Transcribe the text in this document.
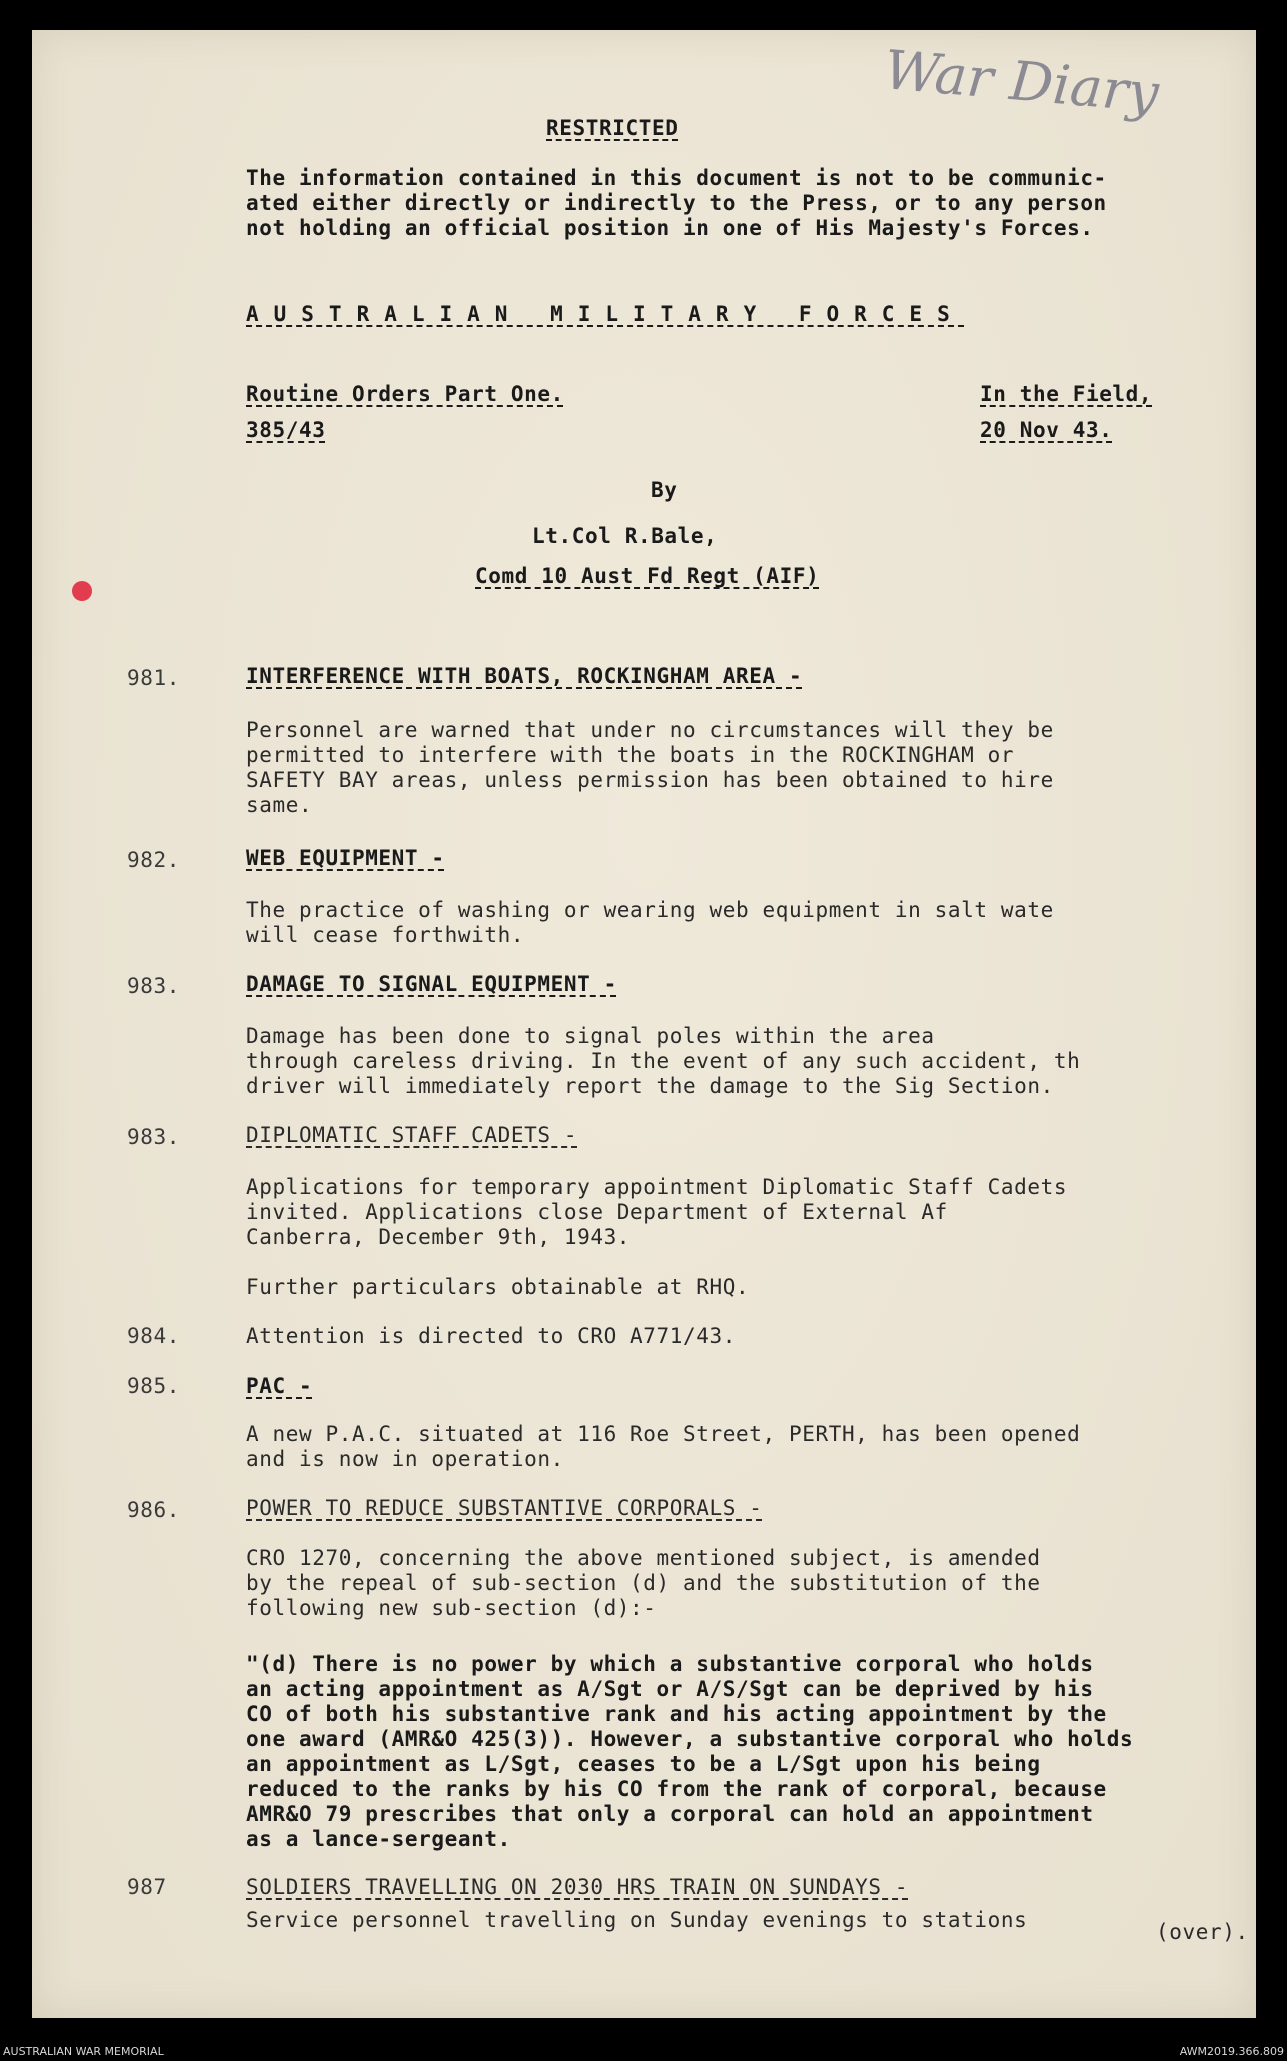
War Diary
RESTRICTED
The information contained in this document is not to be communic-
ated either directly or indirectly to the Press, or to any person
not holding an official position in one of His Majesty's Forces.
AUSTRALIAN MILITARY FORCES
Routine Orders Part One.
385/43
In the Field,
20 Nov 43.
By
Lt.Col R.Bale,
Comd 10 Aust Fd Regt (AIF)
981.	INTERFERENCE WITH BOATS, ROCKINGHAM AREA -
Personnel are warned that under no circumstances will they be
permitted to interfere with the boats in the ROCKINGHAM or
SAFETY BAY areas, unless permission has been obtained to hire
same.
982.	WEB EQUIPMENT -
The practice of washing or wearing web equipment in salt wate
will cease forthwith.
983.	DAMAGE TO SIGNAL EQUIPMENT -
Damage has been done to signal poles within the area
through careless driving. In the event of any such accident, th
driver will immediately report the damage to the Sig Section.
983.	DIPLOMATIC STAFF CADETS -
Applications for temporary appointment Diplomatic Staff Cadets
invited. Applications close Department of External Af
Canberra, December 9th, 1943.
Further particulars obtainable at RHQ.
984.	Attention is directed to CRO A771/43.
985.	PAC -
A new P.A.C. situated at 116 Roe Street, PERTH, has been opened
and is now in operation.
986.	POWER TO REDUCE SUBSTANTIVE CORPORALS -
CRO 1270, concerning the above mentioned subject, is amended
by the repeal of sub-section (d) and the substitution of the
following new sub-section (d):-
"(d) There is no power by which a substantive corporal who holds
an acting appointment as A/Sgt or A/S/Sgt can be deprived by his
CO of both his substantive rank and his acting appointment by the
one award (AMR&O 425(3)). However, a substantive corporal who holds
an appointment as L/Sgt, ceases to be a L/Sgt upon his being
reduced to the ranks by his CO from the rank of corporal, because
AMR&O 79 prescribes that only a corporal can hold an appointment
as a lance-sergeant.
987	SOLDIERS TRAVELLING ON 2030 HRS TRAIN ON SUNDAYS -
Service personnel travelling on Sunday evenings to stations	(over).
AUSTRALIAN WAR MEMORIAL	AWM2019.366.809
